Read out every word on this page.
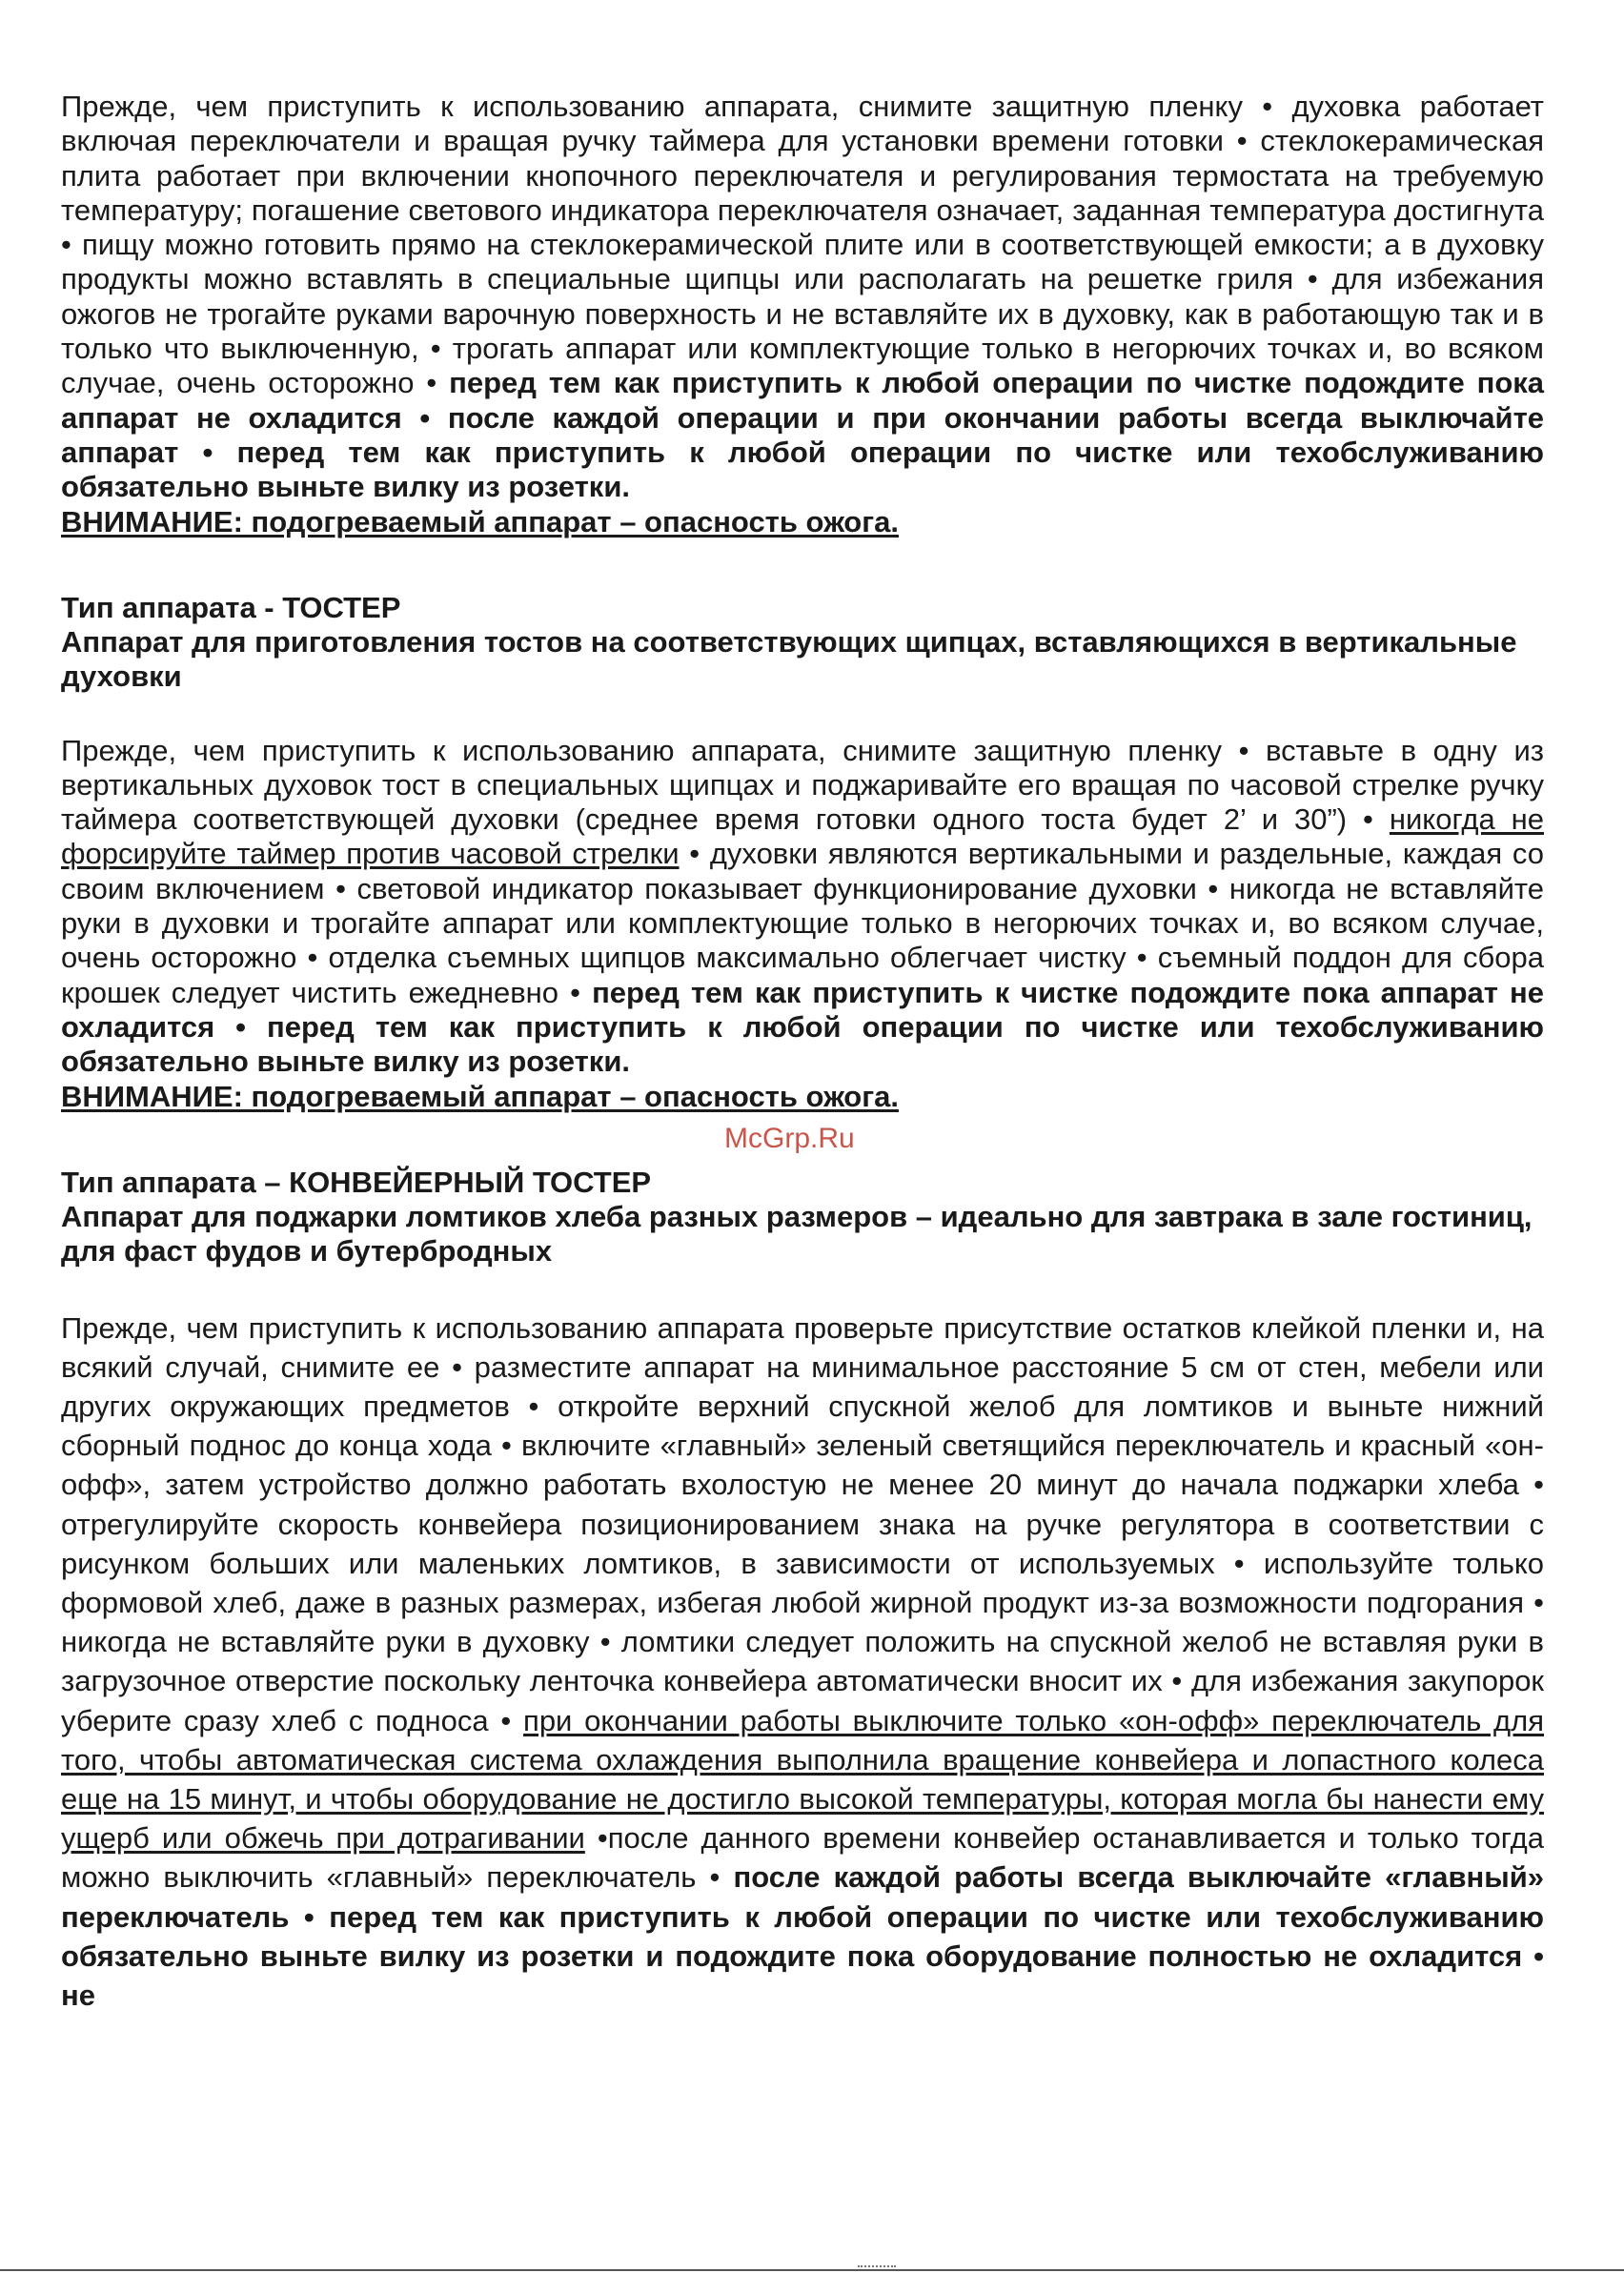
Прежде, чем приступить к использованию аппарата, снимите защитную пленку • духовка работает включая переключатели и вращая ручку таймера для установки времени готовки • стеклокерамическая плита работает при включении кнопочного переключателя и регулирования термостата на требуемую температуру; погашение светового индикатора переключателя означает, заданная температура достигнута • пищу можно готовить прямо на стеклокерамической плите или в соответствующей емкости; а в духовку продукты можно вставлять в специальные щипцы или располагать на решетке гриля • для избежания ожогов не трогайте руками варочную поверхность и не вставляйте их в духовку, как в работающую так и в только что выключенную, • трогать аппарат или комплектующие только в негорючих точках и, во всяком случае, очень осторожно • перед тем как приступить к любой операции по чистке подождите пока аппарат не охладится • после каждой операции и при окончании работы всегда выключайте аппарат • перед тем как приступить к любой операции по чистке или техобслуживанию обязательно выньте вилку из розетки.

ВНИМАНИЕ: подогреваемый аппарат – опасность ожога.

Тип аппарата - ТОСТЕР

Аппарат для приготовления тостов на соответствующих щипцах, вставляющихся в вертикальные духовки

Прежде, чем приступить к использованию аппарата, снимите защитную пленку • вставьте в одну из вертикальных духовок тост в специальных щипцах и поджаривайте его вращая по часовой стрелке ручку таймера соответствующей духовки (среднее время готовки одного тоста будет 2’ и 30”) • никогда не форсируйте таймер против часовой стрелки • духовки являются вертикальными и раздельные, каждая со своим включением • световой индикатор показывает функционирование духовки • никогда не вставляйте руки в духовки и трогайте аппарат или комплектующие только в негорючих точках и, во всяком случае, очень осторожно • отделка съемных щипцов максимально облегчает чистку • съемный поддон для сбора крошек следует чистить ежедневно • перед тем как приступить к чистке подождите пока аппарат не охладится • перед тем как приступить к любой операции по чистке или техобслуживанию обязательно выньте вилку из розетки.

ВНИМАНИЕ: подогреваемый аппарат – опасность ожога.

Тип аппарата – КОНВЕЙЕРНЫЙ ТОСТЕР

Аппарат для поджарки ломтиков хлеба разных размеров – идеально для завтрака в зале гостиниц, для фаст фудов и бутербродных

Прежде, чем приступить к использованию аппарата проверьте присутствие остатков клейкой пленки и, на всякий случай, снимите ее • разместите аппарат на минимальное расстояние 5 см от стен, мебели или других окружающих предметов • откройте верхний спускной желоб для ломтиков и выньте нижний сборный поднос до конца хода • включите «главный» зеленый светящийся переключатель и красный «он-офф», затем устройство должно работать вхолостую не менее 20 минут до начала поджарки хлеба • отрегулируйте скорость конвейера позиционированием знака на ручке регулятора в соответствии с рисунком больших или маленьких ломтиков, в зависимости от используемых • используйте только формовой хлеб, даже в разных размерах, избегая любой жирной продукт из-за возможности подгорания • никогда не вставляйте руки в духовку • ломтики следует положить на спускной желоб не вставляя руки в загрузочное отверстие поскольку ленточка конвейера автоматически вносит их • для избежания закупорок уберите сразу хлеб с подноса • при окончании работы выключите только «он-офф» переключатель для того, чтобы автоматическая система охлаждения выполнила вращение конвейера и лопастного колеса еще на 15 минут, и чтобы оборудование не достигло высокой температуры, которая могла бы нанести ему ущерб или обжечь при дотрагивании •после данного времени конвейер останавливается и только тогда можно выключить «главный» переключатель • после каждой работы всегда выключайте «главный» переключатель • перед тем как приступить к любой операции по чистке или техобслуживанию обязательно выньте вилку из розетки и подождите пока оборудование полностью не охладится • не

McGrp.Ru
